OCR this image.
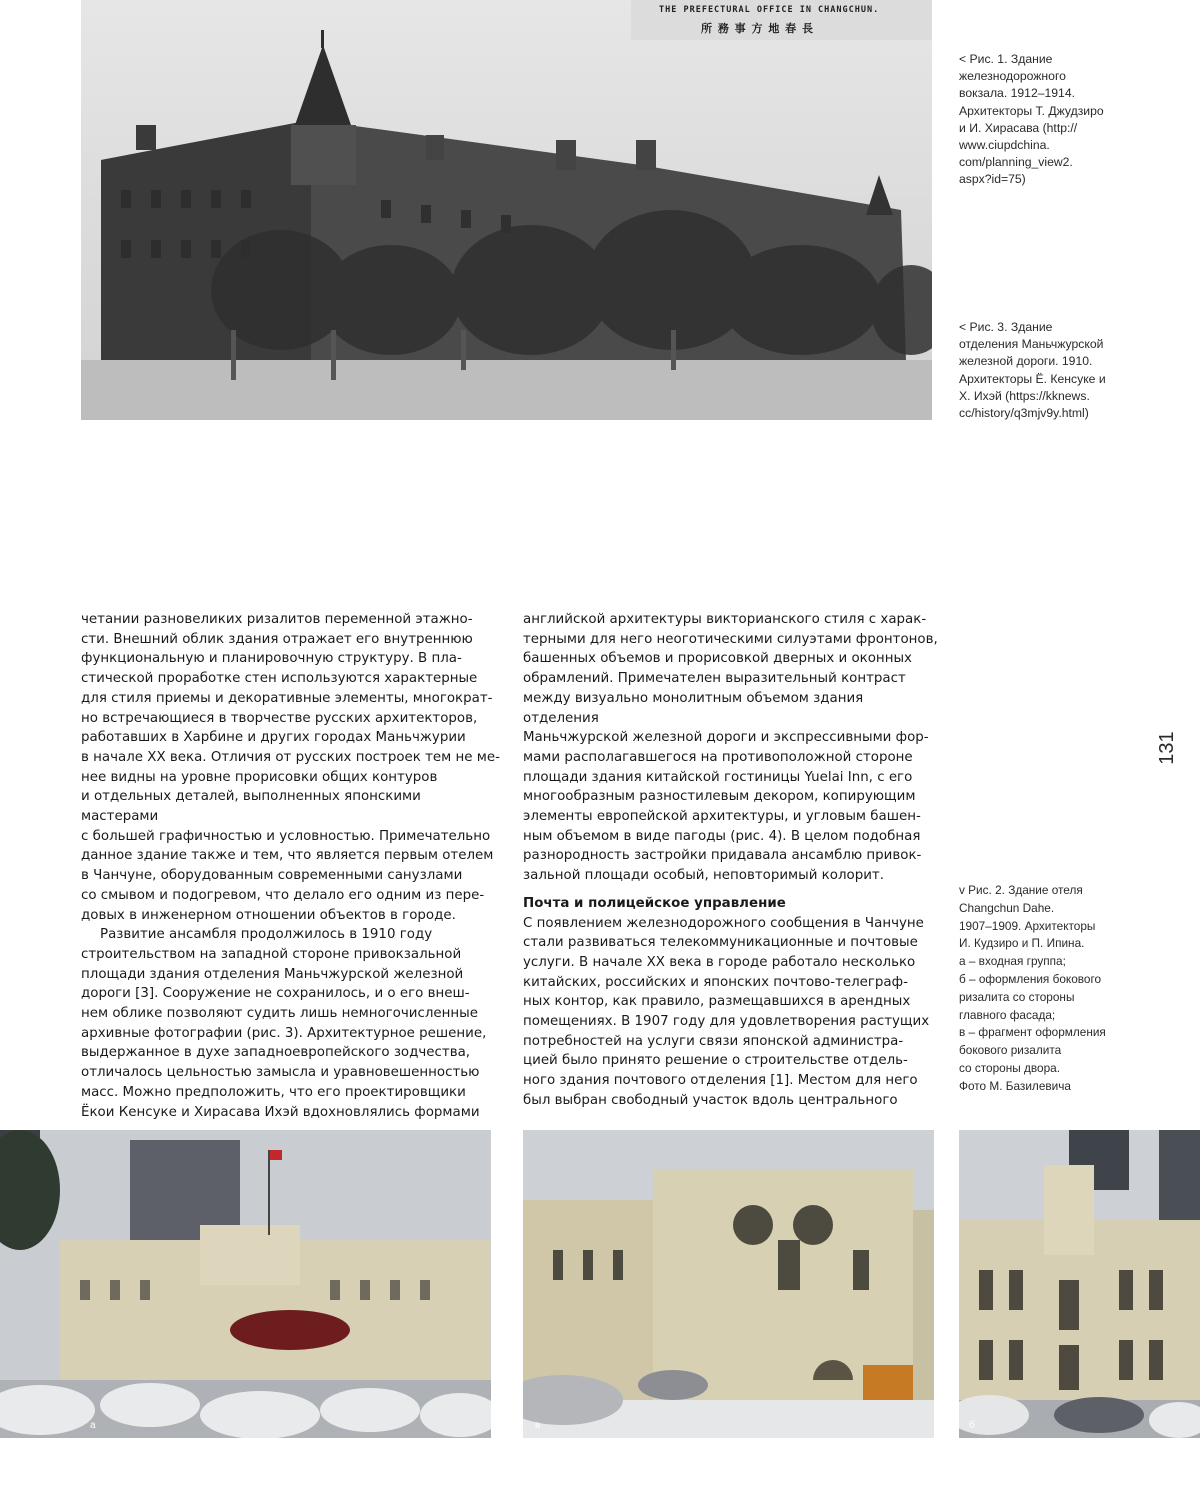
THE PREFECTURAL OFFICE IN CHANGCHUN.
所 務 事 方 地 春 長

< Рис. 1. Здание

железнодорожного

вокзала. 1912–1914.

Архитекторы Т. Джудзиро

и И. Хирасава (http://

www.ciupdchina.

com/planning_view2.

aspx?id=75)

< Рис. 3. Здание

отделения Маньчжурской

железной дороги. 1910.

Архитекторы Ё. Кенсуке и

Х. Ихэй (https://kknews.

cc/history/q3mjv9y.html)

131

v Рис. 2. Здание отеля

Changchun Dahe.

1907–1909. Архитекторы

И. Кудзиро и П. Ипина.

а – входная группа;

б – оформления бокового

ризалита со стороны

главного фасада;

в – фрагмент оформления

бокового ризалита

со стороны двора.

Фото М. Базилевича

четании разновеликих ризалитов переменной этажно-

сти. Внешний облик здания отражает его внутреннюю

функциональную и планировочную структуру. В пла-

стической проработке стен используются характерные

для стиля приемы и декоративные элементы, многократ-

но встречающиеся в творчестве русских архитекторов,

работавших в Харбине и других городах Маньчжурии

в начале XX века. Отличия от русских построек тем не ме-

нее видны на уровне прорисовки общих контуров

и отдельных деталей, выполненных японскими мастерами

с большей графичностью и условностью. Примечательно

данное здание также и тем, что является первым отелем

в Чанчуне, оборудованным современными санузлами

со смывом и подогревом, что делало его одним из пере-

довых в инженерном отношении объектов в городе.

Развитие ансамбля продолжилось в 1910 году

строительством на западной стороне привокзальной

площади здания отделения Маньчжурской железной

дороги [3]. Сооружение не сохранилось, и о его внеш-

нем облике позволяют судить лишь немногочисленные

архивные фотографии (рис. 3). Архитектурное решение,

выдержанное в духе западноевропейского зодчества,

отличалось цельностью замысла и уравновешенностью

масс. Можно предположить, что его проектировщики

Ёкои Кенсуке и Хирасава Ихэй вдохновлялись формами

английской архитектуры викторианского стиля с харак-

терными для него неоготическими силуэтами фронтонов,

башенных объемов и прорисовкой дверных и оконных

обрамлений. Примечателен выразительный контраст

между визуально монолитным объемом здания отделения

Маньчжурской железной дороги и экспрессивными фор-

мами располагавшегося на противоположной стороне

площади здания китайской гостиницы Yuelai Inn, с его

многообразным разностилевым декором, копирующим

элементы европейской архитектуры, и угловым башен-

ным объемом в виде пагоды (рис. 4). В целом подобная

разнородность застройки придавала ансамблю привок-

зальной площади особый, неповторимый колорит.

Почта и полицейское управление

С появлением железнодорожного сообщения в Чанчуне

стали развиваться телекоммуникационные и почтовые

услуги. В начале XX века в городе работало несколько

китайских, российских и японских почтово-телеграф-

ных контор, как правило, размещавшихся в арендных

помещениях. В 1907 году для удовлетворения растущих

потребностей на услуги связи японской администра-

цией было принято решение о строительстве отдель-

ного здания почтового отделения [1]. Местом для него

был выбран свободный участок вдоль центрального

а	в	б
